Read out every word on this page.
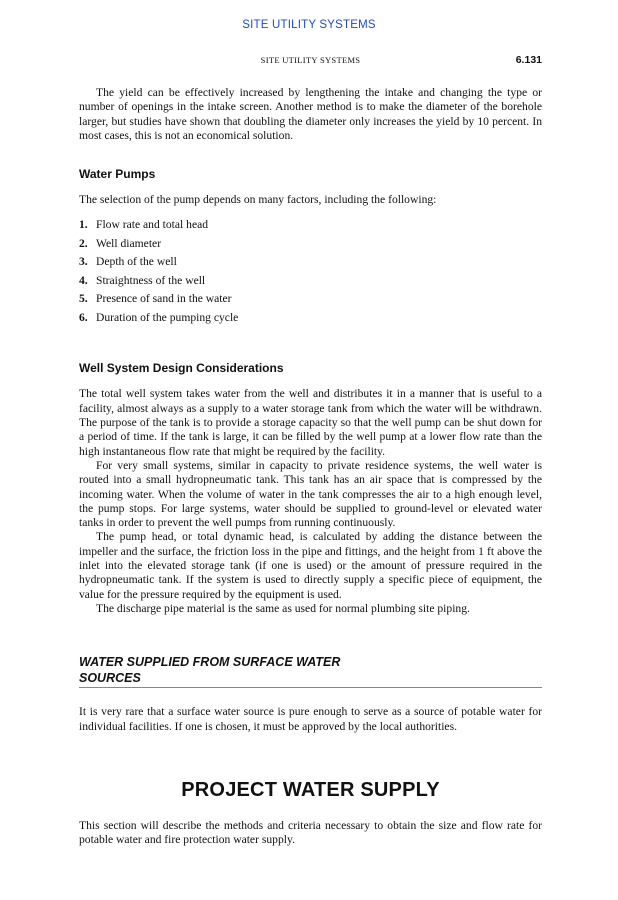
SITE UTILITY SYSTEMS
SITE UTILITY SYSTEMS	6.131

The yield can be effectively increased by lengthening the intake and changing the type or number of openings in the intake screen. Another method is to make the diameter of the borehole larger, but studies have shown that doubling the diameter only increases the yield by 10 percent. In most cases, this is not an economical solution.

Water Pumps

The selection of the pump depends on many factors, including the following:

1. Flow rate and total head
2. Well diameter
3. Depth of the well
4. Straightness of the well
5. Presence of sand in the water
6. Duration of the pumping cycle
Well System Design Considerations

The total well system takes water from the well and distributes it in a manner that is useful to a facility, almost always as a supply to a water storage tank from which the water will be withdrawn. The purpose of the tank is to provide a storage capacity so that the well pump can be shut down for a period of time. If the tank is large, it can be filled by the well pump at a lower flow rate than the high instantaneous flow rate that might be required by the facility.

For very small systems, similar in capacity to private residence systems, the well water is routed into a small hydropneumatic tank. This tank has an air space that is compressed by the incoming water. When the volume of water in the tank compresses the air to a high enough level, the pump stops. For large systems, water should be supplied to ground-level or elevated water tanks in order to prevent the well pumps from running continuously.

The pump head, or total dynamic head, is calculated by adding the distance between the impeller and the surface, the friction loss in the pipe and fittings, and the height from 1 ft above the inlet into the elevated storage tank (if one is used) or the amount of pressure required in the hydropneumatic tank. If the system is used to directly supply a specific piece of equipment, the value for the pressure required by the equipment is used.

The discharge pipe material is the same as used for normal plumbing site piping.

WATER SUPPLIED FROM SURFACE WATER
SOURCES

It is very rare that a surface water source is pure enough to serve as a source of potable water for individual facilities. If one is chosen, it must be approved by the local authorities.

PROJECT WATER SUPPLY

This section will describe the methods and criteria necessary to obtain the size and flow rate for potable water and fire protection water supply.
